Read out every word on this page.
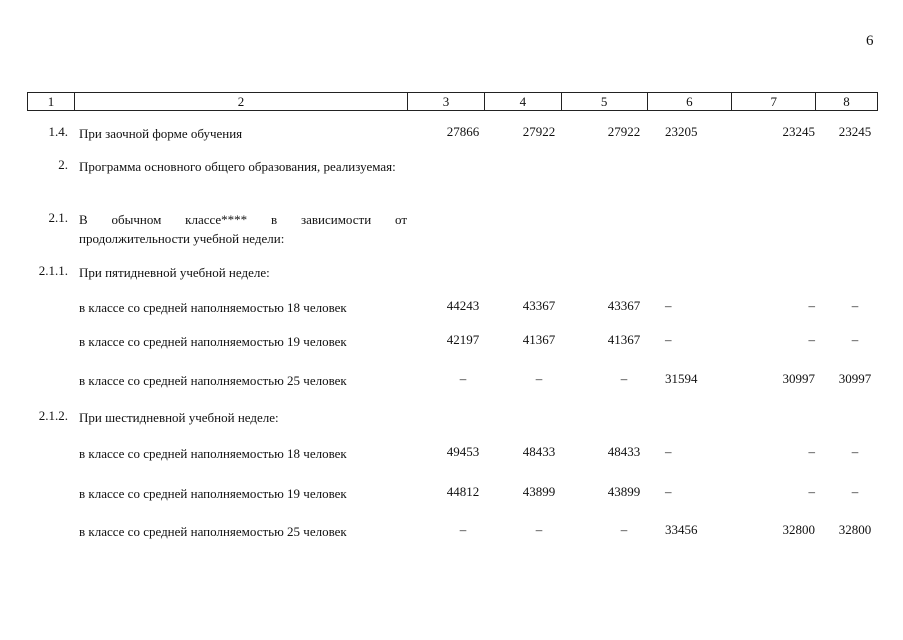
6
1	2	3	4	5	6	7	8
1.4. При заочной форме обучения	27866	27922	27922	23205	23245	23245
2. Программа основного общего образования, реализуемая:
2.1. В обычном классе**** в зависимости от продолжительности учебной недели:
2.1.1. При пятидневной учебной неделе:
в классе со средней наполняемостью 18 человек	44243	43367	43367	–	–	–
в классе со средней наполняемостью 19 человек	42197	41367	41367	–	–	–
в классе со средней наполняемостью 25 человек	–	–	–	31594	30997	30997
2.1.2. При шестидневной учебной неделе:
в классе со средней наполняемостью 18 человек	49453	48433	48433	–	–	–
в классе со средней наполняемостью 19 человек	44812	43899	43899	–	–	–
в классе со средней наполняемостью 25 человек	–	–	–	33456	32800	32800
